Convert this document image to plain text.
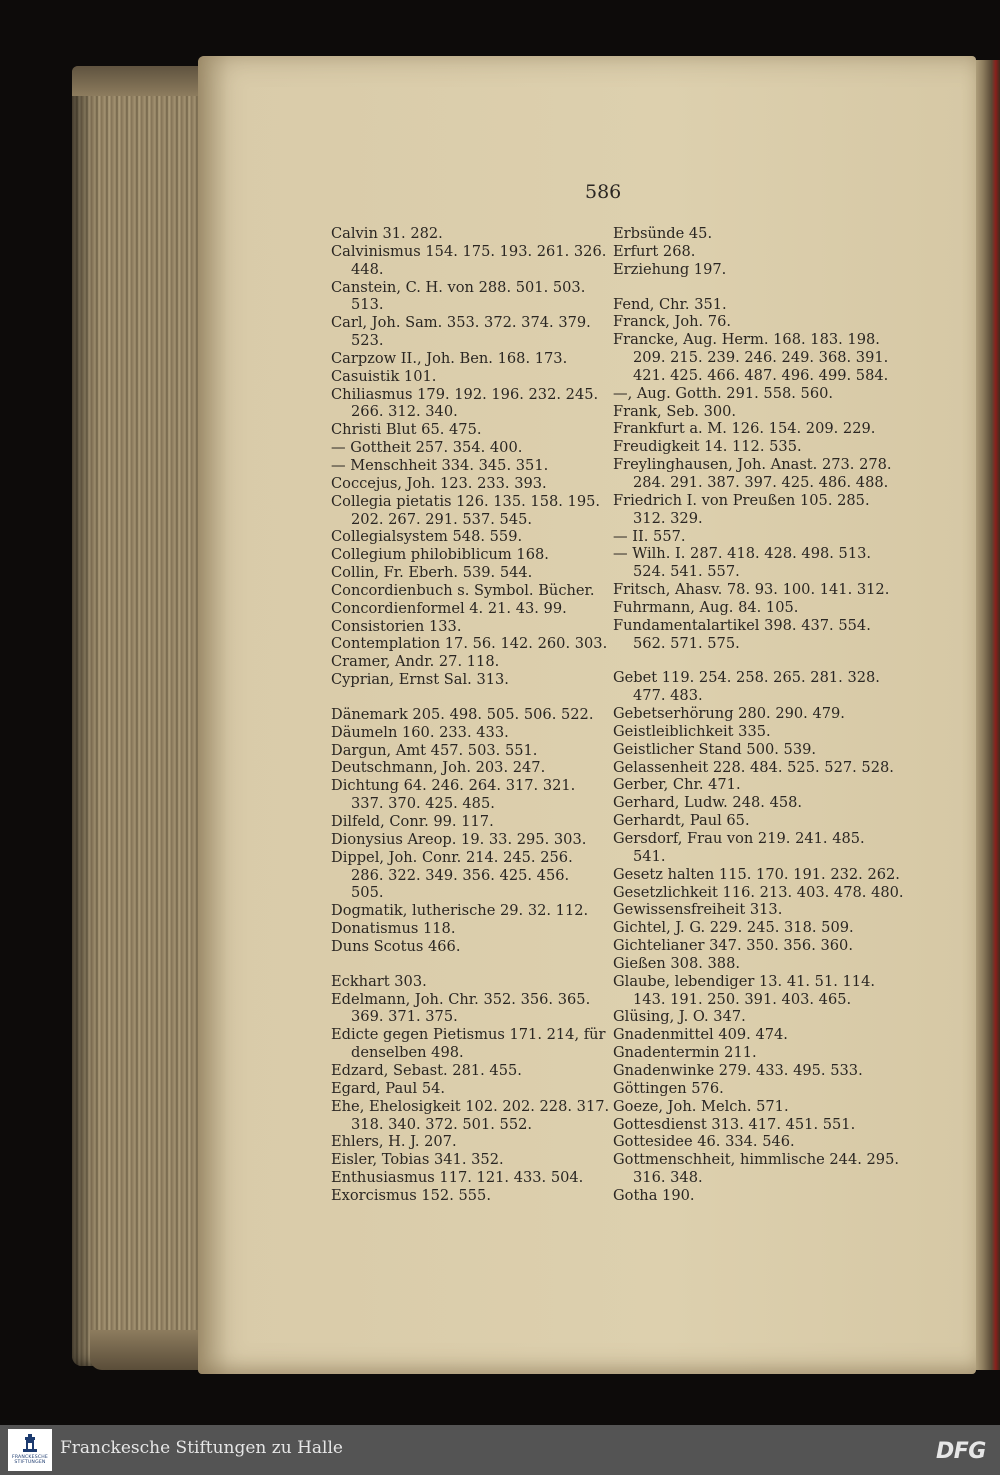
586
Calvin 31. 282.
Calvinismus 154. 175. 193. 261. 326.
448.
Canstein, C. H. von 288. 501. 503.
513.
Carl, Joh. Sam. 353. 372. 374. 379.
523.
Carpzow II., Joh. Ben. 168. 173.
Casuistik 101.
Chiliasmus 179. 192. 196. 232. 245.
266. 312. 340.
Christi Blut 65. 475.
— Gottheit 257. 354. 400.
— Menschheit 334. 345. 351.
Coccejus, Joh. 123. 233. 393.
Collegia pietatis 126. 135. 158. 195.
202. 267. 291. 537. 545.
Collegialsystem 548. 559.
Collegium philobiblicum 168.
Collin, Fr. Eberh. 539. 544.
Concordienbuch s. Symbol. Bücher.
Concordienformel 4. 21. 43. 99.
Consistorien 133.
Contemplation 17. 56. 142. 260. 303.
Cramer, Andr. 27. 118.
Cyprian, Ernst Sal. 313.
Dänemark 205. 498. 505. 506. 522.
Däumeln 160. 233. 433.
Dargun, Amt 457. 503. 551.
Deutschmann, Joh. 203. 247.
Dichtung 64. 246. 264. 317. 321.
337. 370. 425. 485.
Dilfeld, Conr. 99. 117.
Dionysius Areop. 19. 33. 295. 303.
Dippel, Joh. Conr. 214. 245. 256.
286. 322. 349. 356. 425. 456.
505.
Dogmatik, lutherische 29. 32. 112.
Donatismus 118.
Duns Scotus 466.
Eckhart 303.
Edelmann, Joh. Chr. 352. 356. 365.
369. 371. 375.
Edicte gegen Pietismus 171. 214, für
denselben 498.
Edzard, Sebast. 281. 455.
Egard, Paul 54.
Ehe, Ehelosigkeit 102. 202. 228. 317.
318. 340. 372. 501. 552.
Ehlers, H. J. 207.
Eisler, Tobias 341. 352.
Enthusiasmus 117. 121. 433. 504.
Exorcismus 152. 555.
Erbsünde 45.
Erfurt 268.
Erziehung 197.
Fend, Chr. 351.
Franck, Joh. 76.
Francke, Aug. Herm. 168. 183. 198.
209. 215. 239. 246. 249. 368. 391.
421. 425. 466. 487. 496. 499. 584.
—, Aug. Gotth. 291. 558. 560.
Frank, Seb. 300.
Frankfurt a. M. 126. 154. 209. 229.
Freudigkeit 14. 112. 535.
Freylinghausen, Joh. Anast. 273. 278.
284. 291. 387. 397. 425. 486. 488.
Friedrich I. von Preußen 105. 285.
312. 329.
— II. 557.
— Wilh. I. 287. 418. 428. 498. 513.
524. 541. 557.
Fritsch, Ahasv. 78. 93. 100. 141. 312.
Fuhrmann, Aug. 84. 105.
Fundamentalartikel 398. 437. 554.
562. 571. 575.
Gebet 119. 254. 258. 265. 281. 328.
477. 483.
Gebetserhörung 280. 290. 479.
Geistleiblichkeit 335.
Geistlicher Stand 500. 539.
Gelassenheit 228. 484. 525. 527. 528.
Gerber, Chr. 471.
Gerhard, Ludw. 248. 458.
Gerhardt, Paul 65.
Gersdorf, Frau von 219. 241. 485.
541.
Gesetz halten 115. 170. 191. 232. 262.
Gesetzlichkeit 116. 213. 403. 478. 480.
Gewissensfreiheit 313.
Gichtel, J. G. 229. 245. 318. 509.
Gichtelianer 347. 350. 356. 360.
Gießen 308. 388.
Glaube, lebendiger 13. 41. 51. 114.
143. 191. 250. 391. 403. 465.
Glüsing, J. O. 347.
Gnadenmittel 409. 474.
Gnadentermin 211.
Gnadenwinke 279. 433. 495. 533.
Göttingen 576.
Goeze, Joh. Melch. 571.
Gottesdienst 313. 417. 451. 551.
Gottesidee 46. 334. 546.
Gottmenschheit, himmlische 244. 295.
316. 348.
Gotha 190.
FRANCKESCHE
STIFTUNGEN
Franckesche Stiftungen zu Halle	DFG
